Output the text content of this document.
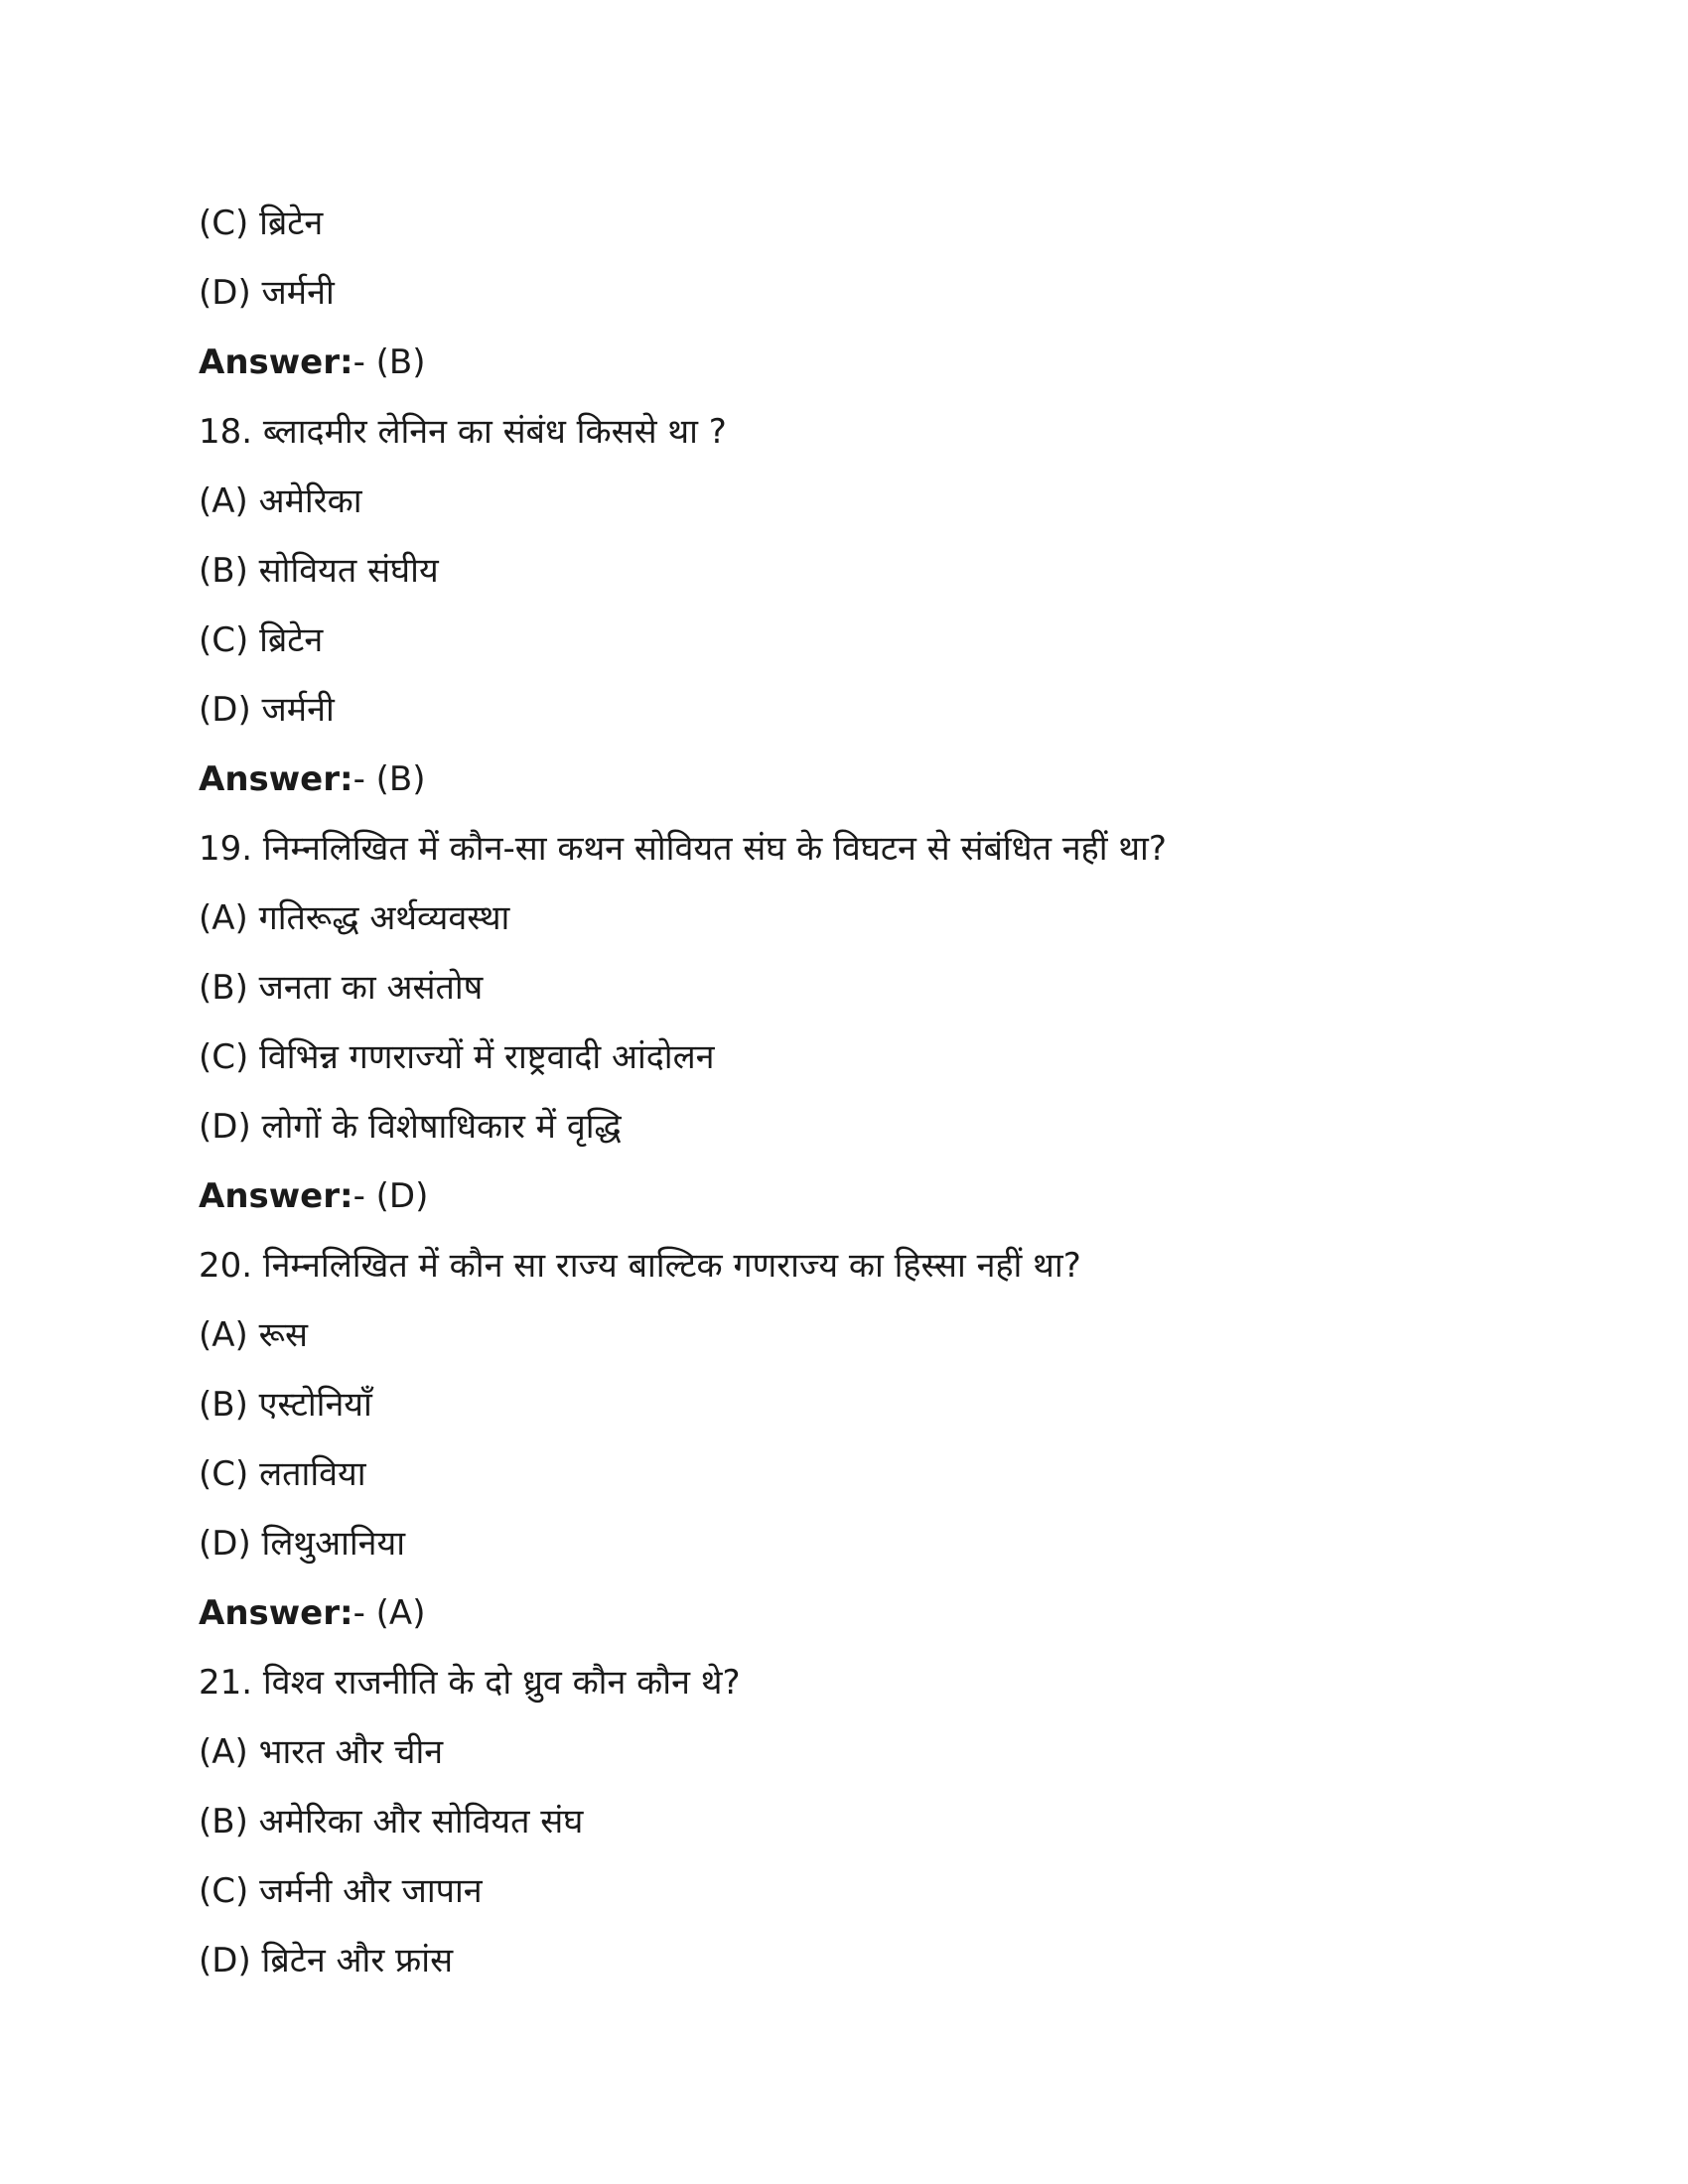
(C) ब्रिटेन
(D) जर्मनी
Answer:- (B)
18. ब्लादमीर लेनिन का संबंध किससे था ?
(A) अमेरिका
(B) सोवियत संघीय
(C) ब्रिटेन
(D) जर्मनी
Answer:- (B)
19. निम्नलिखित में कौन-सा कथन सोवियत संघ के विघटन से संबंधित नहीं था?
(A) गतिरूद्ध अर्थव्यवस्था
(B) जनता का असंतोष
(C) विभिन्न गणराज्यों में राष्ट्रवादी आंदोलन
(D) लोगों के विशेषाधिकार में वृद्धि
Answer:- (D)
20. निम्नलिखित में कौन सा राज्य बाल्टिक गणराज्य का हिस्सा नहीं था?
(A) रूस
(B) एस्टोनियाँ
(C) लताविया
(D) लिथुआनिया
Answer:- (A)
21. विश्व राजनीति के दो ध्रुव कौन कौन थे?
(A) भारत और चीन
(B) अमेरिका और सोवियत संघ
(C) जर्मनी और जापान
(D) ब्रिटेन और फ्रांस
